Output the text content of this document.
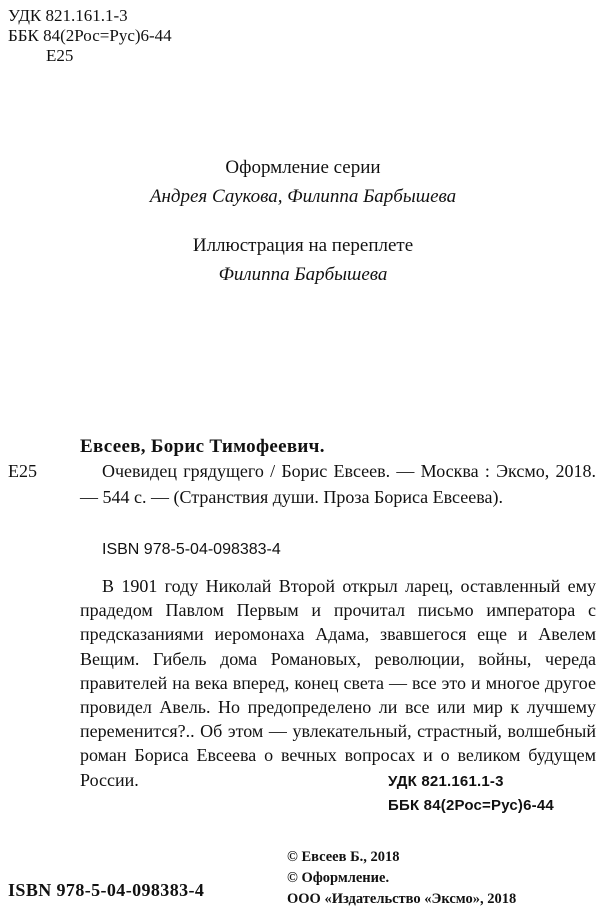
УДК 821.161.1-3
ББК 84(2Рос=Рус)6-44
Е25
Оформление серии
Андрея Саукова, Филиппа Барбышева
Иллюстрация на переплете
Филиппа Барбышева
Евсеев, Борис Тимофеевич.
Е25	Очевидец грядущего / Борис Евсеев. — Москва : Эксмо, 2018. — 544 с. — (Странствия души. Проза Бориса Евсеева).
ISBN 978-5-04-098383-4
В 1901 году Николай Второй открыл ларец, оставленный ему прадедом Павлом Первым и прочитал письмо императора с предсказаниями иеромонаха Адама, звавшегося еще и Авелем Вещим. Гибель дома Романовых, революции, войны, череда правителей на века вперед, конец света — все это и многое другое провидел Авель. Но предопределено ли все или мир к лучшему переменится?.. Об этом — увлекательный, страстный, волшебный роман Бориса Евсеева о вечных вопросах и о великом будущем России.	УДК 821.161.1-3
ББК 84(2Рос=Рус)6-44
© Евсеев Б., 2018
© Оформление.
ООО «Издательство «Эксмо», 2018
ISBN 978-5-04-098383-4
